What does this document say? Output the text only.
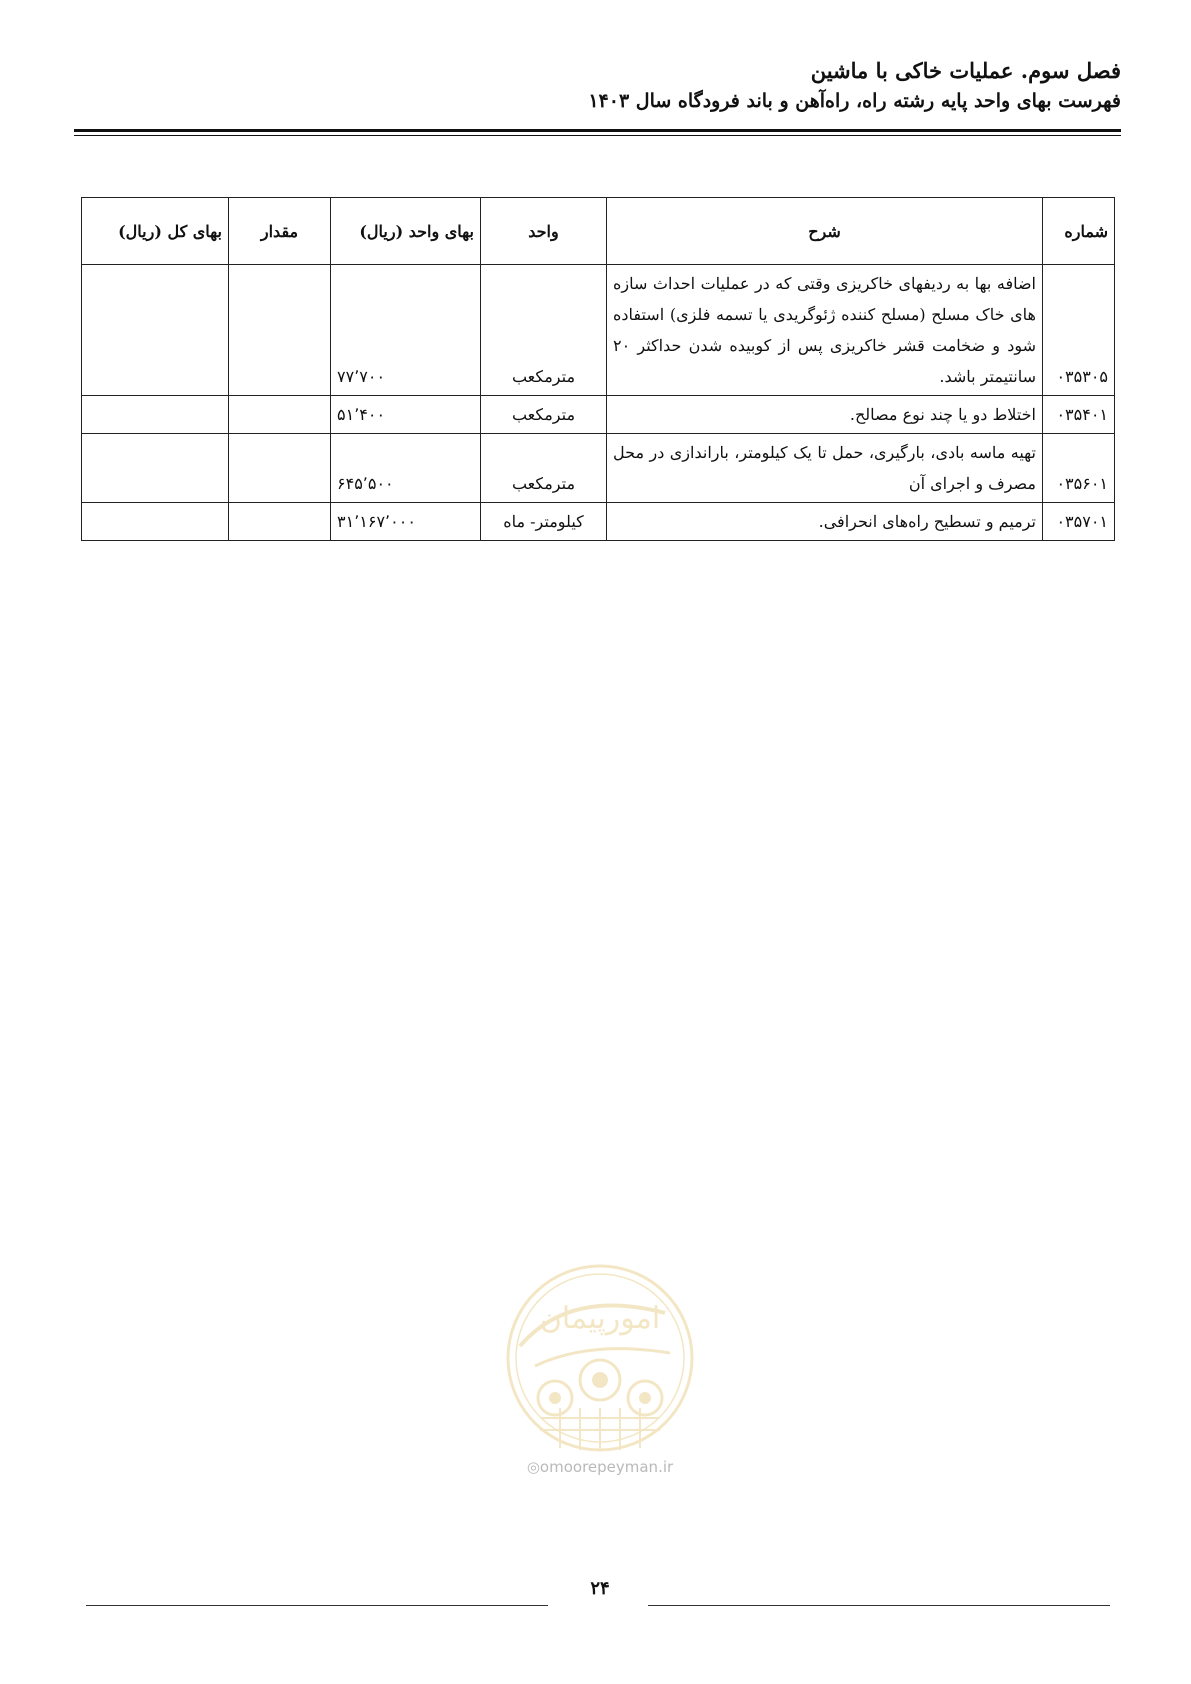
فصل سوم. عملیات خاکی با ماشین
فهرست بهای واحد پایه رشته راه، راه‌آهن و باند فرودگاه سال ۱۴۰۳
شماره	شرح	واحد	بهای واحد (ریال)	مقدار	بهای کل (ریال)
۰۳۵۳۰۵	اضافه بها به ردیفهای خاکریزی وقتی که در عملیات احداث سازه های خاک مسلح (مسلح کننده ژئوگریدی یا تسمه فلزی) استفاده شود و ضخامت قشر خاکریزی پس از کوبیده شدن حداکثر ۲۰ سانتیمتر باشد.	مترمکعب	۷۷٬۷۰۰		
۰۳۵۴۰۱	اختلاط دو یا چند نوع مصالح.	مترمکعب	۵۱٬۴۰۰		
۰۳۵۶۰۱	تهیه ماسه بادی، بارگیری، حمل تا یک کیلومتر، باراندازی در محل مصرف و اجرای آن	مترمکعب	۶۴۵٬۵۰۰		
۰۳۵۷۰۱	ترمیم و تسطیح راه‌های انحرافی.	کیلومتر- ماه	۳۱٬۱۶۷٬۰۰۰		
امورپیمان
◎omoorepeyman.ir
۲۴
